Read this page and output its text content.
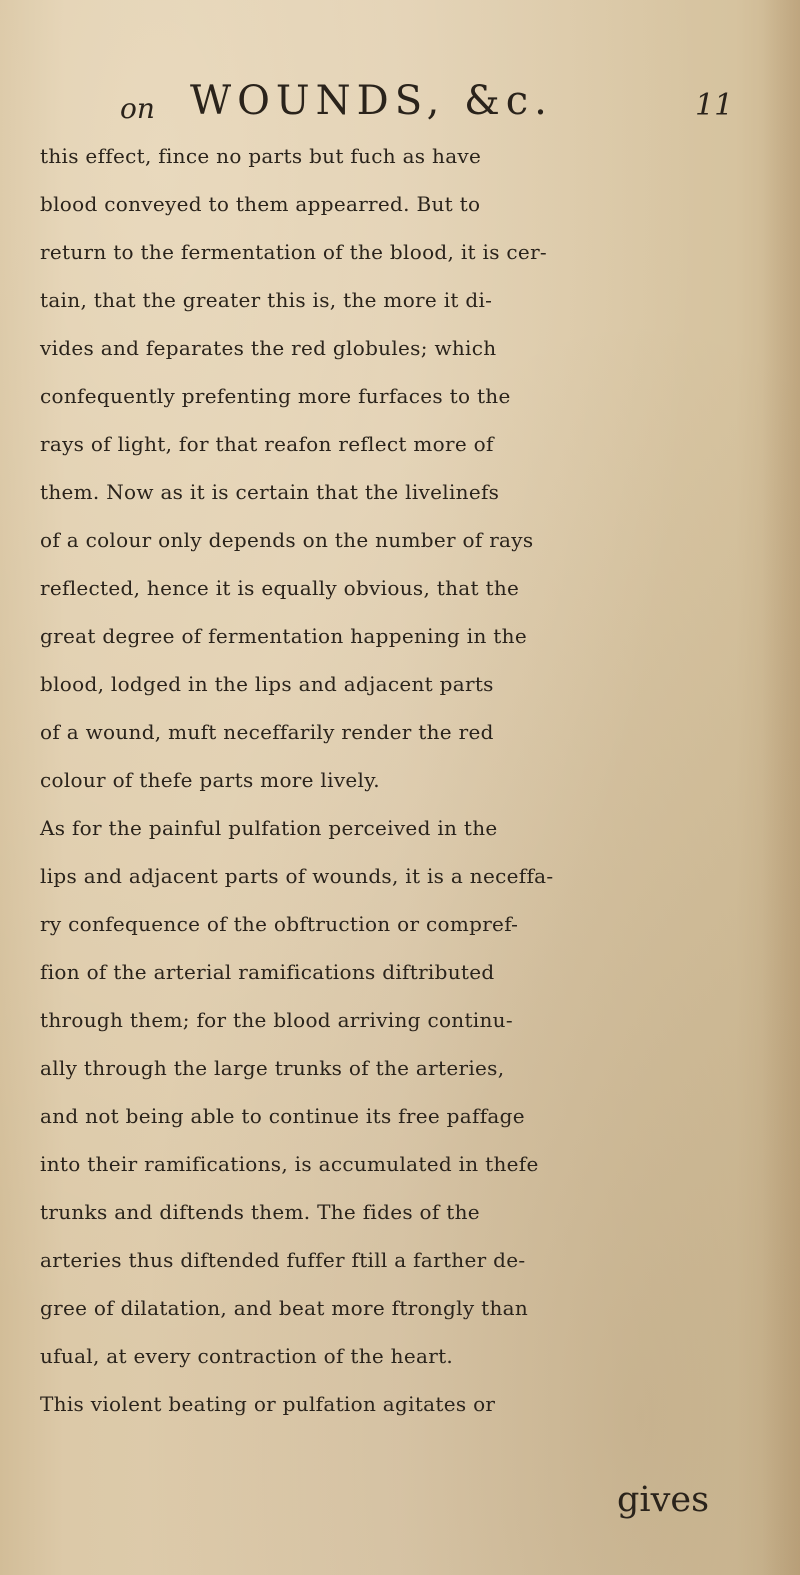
on WOUNDS, &c.	11
this effect, fince no parts but fuch as have
blood conveyed to them appearred. But to
return to the fermentation of the blood, it is cer-
tain, that the greater this is, the more it di-
vides and feparates the red globules; which
confequently prefenting more furfaces to the
rays of light, for that reafon reflect more of
them. Now as it is certain that the livelinefs
of a colour only depends on the number of rays
reflected, hence it is equally obvious, that the
great degree of fermentation happening in the
blood, lodged in the lips and adjacent parts
of a wound, muft neceffarily render the red
colour of thefe parts more lively.
As for the painful pulfation perceived in the
lips and adjacent parts of wounds, it is a neceffa-
ry confequence of the obftruction or compref-
fion of the arterial ramifications diftributed
through them; for the blood arriving continu-
ally through the large trunks of the arteries,
and not being able to continue its free paffage
into their ramifications, is accumulated in thefe
trunks and diftends them. The fides of the
arteries thus diftended fuffer ftill a farther de-
gree of dilatation, and beat more ftrongly than
ufual, at every contraction of the heart.
This violent beating or pulfation agitates or
gives
